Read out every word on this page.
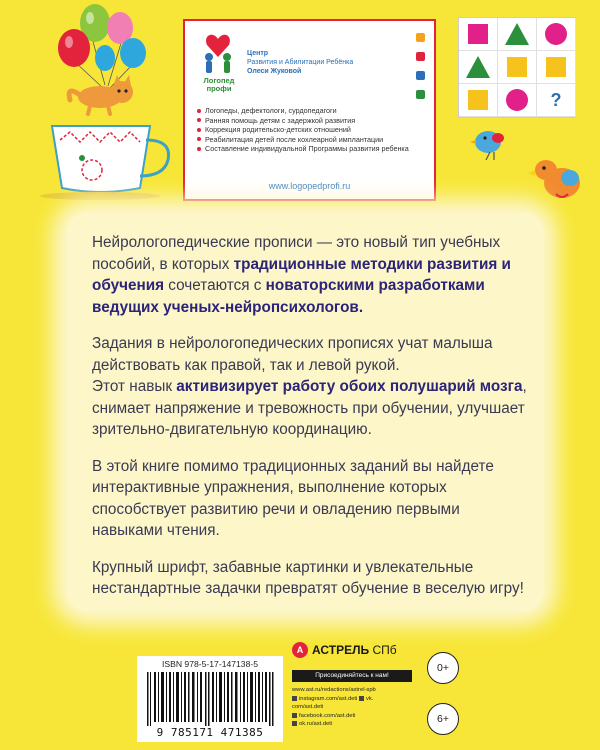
Логопед
профи
Центр
Развития и Абилитации Ребёнка
Олеси Жуковой
Логопеды, дефектологи, сурдопедагоги
Ранняя помощь детям с задержкой развития
Коррекция родительско-детских отношений
Реабилитация детей после кохлеарной имплантации
Составление индивидуальной Программы развития ребенка
www.logopedprofi.ru
?

Нейрологопедические прописи — это новый тип учебных пособий, в которых традиционные методики развития и обучения сочетаются с новаторскими разработками ведущих ученых-нейропсихологов.

Задания в нейрологопедических прописях учат малыша действовать как правой, так и левой рукой.
Этот навык активизирует работу обоих полушарий мозга, снимает напряжение и тревожность при обучении, улучшает зрительно-двигательную координацию.

В этой книге помимо традиционных заданий вы найдете интерактивные упражнения, выполнение которых способствует развитию речи и овладению первыми навыками чтения.

Крупный шрифт, забавные картинки и увлекательные нестандартные задачки превратят обучение в веселую игру!

ISBN 978-5-17-147138-5
9 785171 471385
А АСТРЕЛЬ СПб
Присоединяйтесь к нам!
www.ast.ru/redactions/astrel-spb
instagram.com/ast.deti vk.
com/ast.deti
facebook.com/ast.deti
ok.ru/ast.deti
0+
6+
